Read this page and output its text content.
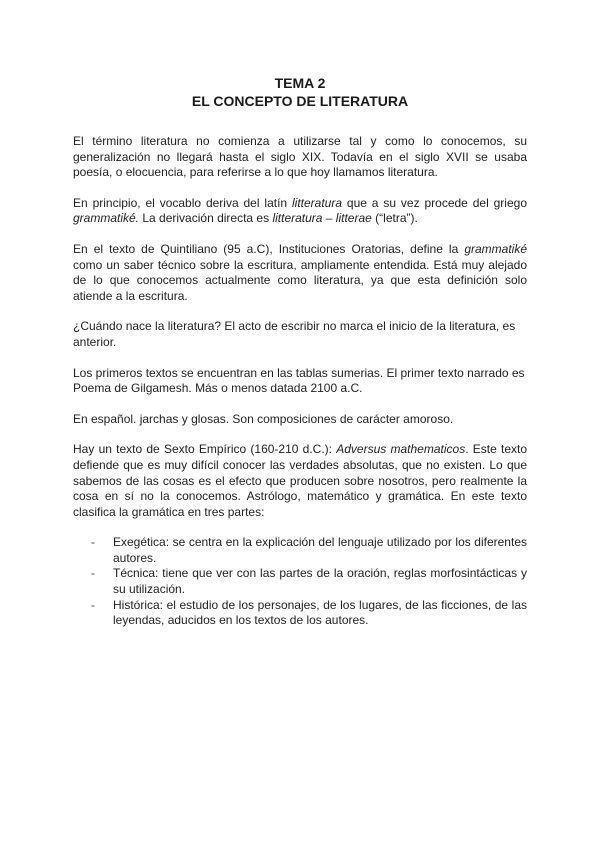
TEMA 2
EL CONCEPTO DE LITERATURA

El término literatura no comienza a utilizarse tal y como lo conocemos, su generalización no llegará hasta el siglo XIX. Todavía en el siglo XVII se usaba poesía, o elocuencia, para referirse a lo que hoy llamamos literatura.

En principio, el vocablo deriva del latín litteratura que a su vez procede del griego grammatiké. La derivación directa es litteratura – litterae (“letra”).

En el texto de Quintiliano (95 a.C), Instituciones Oratorias, define la grammatiké como un saber técnico sobre la escritura, ampliamente entendida. Está muy alejado de lo que conocemos actualmente como literatura, ya que esta definición solo atiende a la escritura.

¿Cuándo nace la literatura? El acto de escribir no marca el inicio de la literatura, es anterior.

Los primeros textos se encuentran en las tablas sumerias. El primer texto narrado es Poema de Gilgamesh. Más o menos datada 2100 a.C.

En español. jarchas y glosas. Son composiciones de carácter amoroso.

Hay un texto de Sexto Empírico (160-210 d.C.): Adversus mathematicos. Este texto defiende que es muy difícil conocer las verdades absolutas, que no existen. Lo que sabemos de las cosas es el efecto que producen sobre nosotros, pero realmente la cosa en sí no la conocemos. Astrólogo, matemático y gramática. En este texto clasifica la gramática en tres partes:

- Exegética: se centra en la explicación del lenguaje utilizado por los diferentes autores.
- Técnica: tiene que ver con las partes de la oración, reglas morfosintácticas y su utilización.
- Histórica: el estudio de los personajes, de los lugares, de las ficciones, de las leyendas, aducidos en los textos de los autores.
